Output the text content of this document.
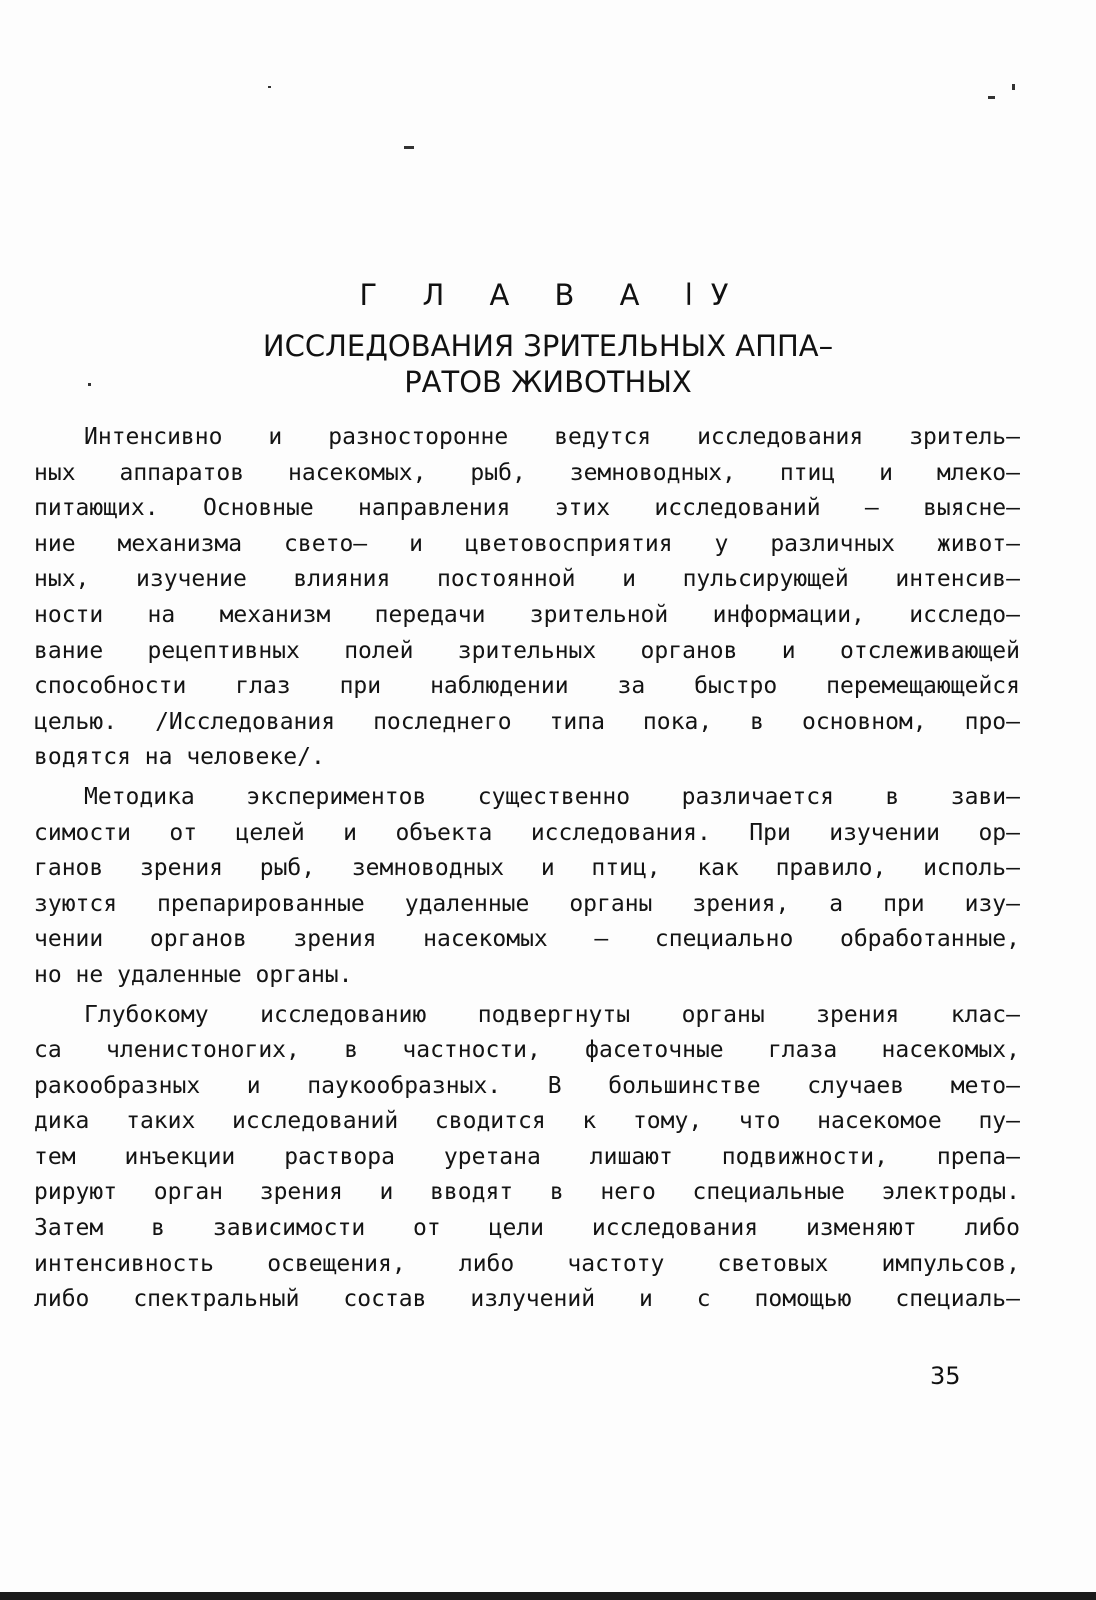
Г Л А В А lУ
ИССЛЕДОВАНИЯ ЗРИТЕЛЬНЫХ АППА–
РАТОВ ЖИВОТНЫХ
Интенсивно и разносторонне ведутся исследования зритель–
ных аппаратов насекомых, рыб, земноводных, птиц и млеко–
питающих. Основные направления этих исследований – выясне–
ние механизма свето– и цветовосприятия у различных живот–
ных, изучение влияния постоянной и пульсирующей интенсив–
ности на механизм передачи зрительной информации, исследо–
вание рецептивных полей зрительных органов и отслеживающей
способности глаз при наблюдении за быстро перемещающейся
целью. /Исследования последнего типа пока, в основном, про–
водятся на человеке/.
Методика экспериментов существенно различается в зави–
симости от целей и объекта исследования. При изучении ор–
ганов зрения рыб, земноводных и птиц, как правило, исполь–
зуются препарированные удаленные органы зрения, а при изу–
чении органов зрения насекомых – специально обработанные,
но не удаленные органы.
Глубокому исследованию подвергнуты органы зрения клас–
са членистоногих, в частности, фасеточные глаза насекомых,
ракообразных и паукообразных. В большинстве случаев мето–
дика таких исследований сводится к тому, что насекомое пу–
тем инъекции раствора уретана лишают подвижности, препа–
рируют орган зрения и вводят в него специальные электроды.
Затем в зависимости от цели исследования изменяют либо
интенсивность освещения, либо частоту световых импульсов,
либо спектральный состав излучений и с помощью специаль–
35
